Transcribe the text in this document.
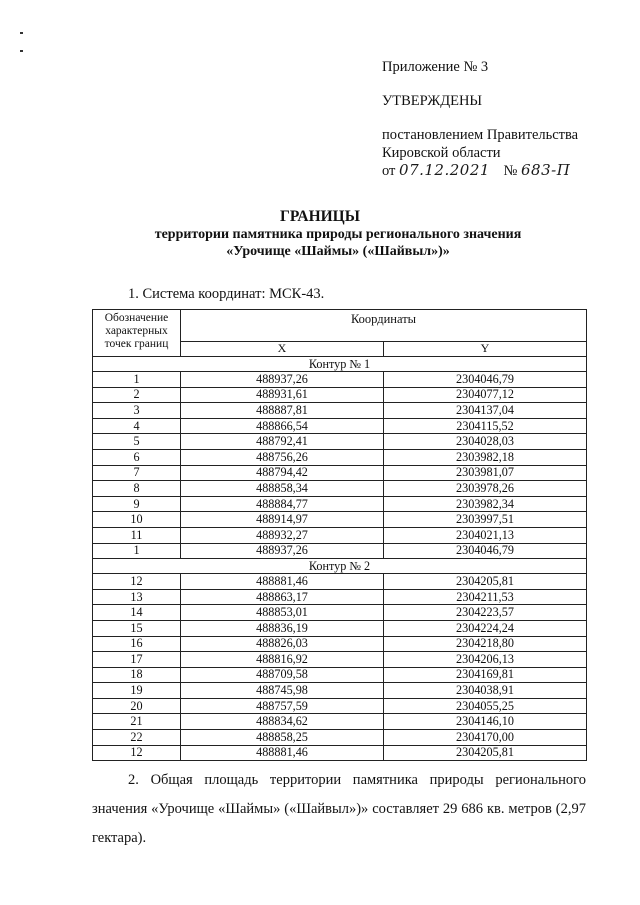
Приложение № 3
УТВЕРЖДЕНЫ
постановлением Правительства
Кировской области
от 07.12.2021 № 683-П
ГРАНИЦЫ
территории памятника природы регионального значения
«Урочище «Шаймы» («Шайвыл»)»
1. Система координат: МСК-43.
Обозначение характерных точек границ	Координаты	
	X	Y
Контур № 1		
1	488937,26	2304046,79
2	488931,61	2304077,12
3	488887,81	2304137,04
4	488866,54	2304115,52
5	488792,41	2304028,03
6	488756,26	2303982,18
7	488794,42	2303981,07
8	488858,34	2303978,26
9	488884,77	2303982,34
10	488914,97	2303997,51
11	488932,27	2304021,13
1	488937,26	2304046,79
Контур № 2		
12	488881,46	2304205,81
13	488863,17	2304211,53
14	488853,01	2304223,57
15	488836,19	2304224,24
16	488826,03	2304218,80
17	488816,92	2304206,13
18	488709,58	2304169,81
19	488745,98	2304038,91
20	488757,59	2304055,25
21	488834,62	2304146,10
22	488858,25	2304170,00
12	488881,46	2304205,81
2. Общая площадь территории памятника природы регионального значения «Урочище «Шаймы» («Шайвыл»)» составляет 29 686 кв. метров (2,97 гектара).
